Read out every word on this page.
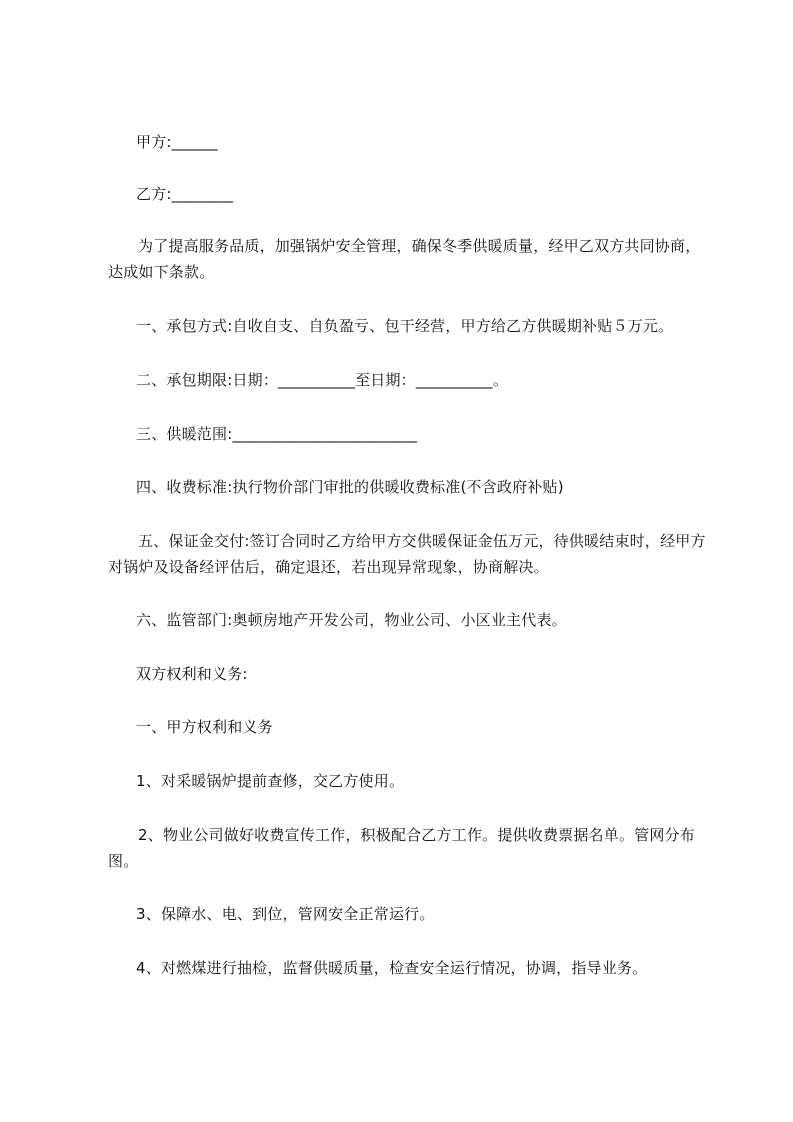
甲方:______
乙方:________
为了提高服务品质，加强锅炉安全管理，确保冬季供暖质量，经甲乙双方共同协商，达成如下条款。
一、承包方式:自收自支、自负盈亏、包干经营，甲方给乙方供暖期补贴５万元。
二、承包期限:日期：__________至日期：__________。
三、供暖范围:________________________
四、收费标准:执行物价部门审批的供暖收费标准(不含政府补贴)
五、保证金交付:签订合同时乙方给甲方交供暖保证金伍万元，待供暖结束时，经甲方对锅炉及设备经评估后，确定退还，若出现异常现象，协商解决。
六、监管部门:奥顿房地产开发公司，物业公司、小区业主代表。
双方权利和义务:
一、甲方权利和义务
1、对采暖锅炉提前查修，交乙方使用。
2、物业公司做好收费宣传工作，积极配合乙方工作。提供收费票据名单。管网分布图。
3、保障水、电、到位，管网安全正常运行。
4、对燃煤进行抽检，监督供暖质量，检查安全运行情况，协调，指导业务。
